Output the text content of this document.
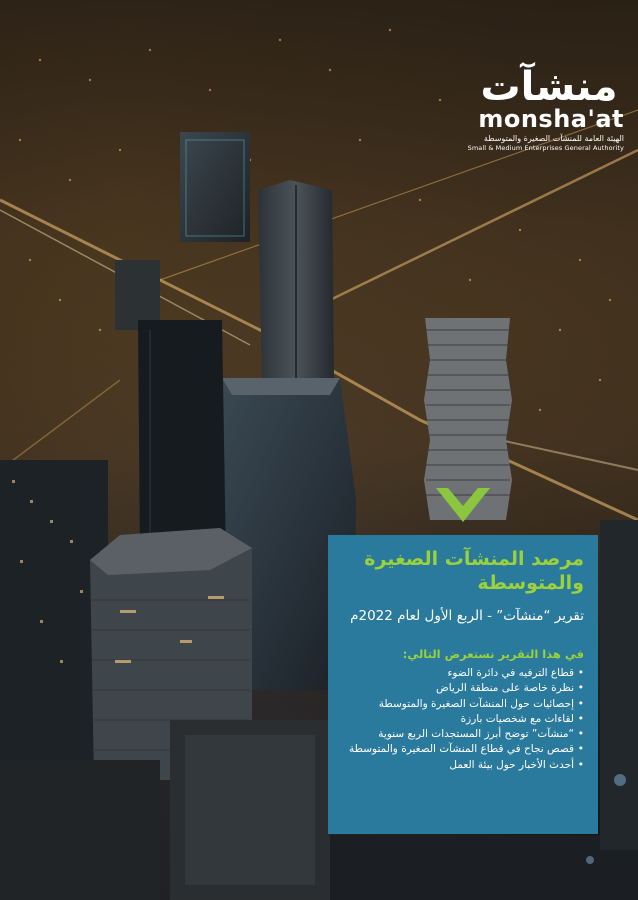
منشآت
monsha'at
الهيئة العامة للمنشآت الصغيرة والمتوسطة
Small & Medium Enterprises General Authority
مرصد المنشآت الصغيرة والمتوسطة
تقرير “منشآت” - الربع الأول لعام 2022م
في هذا التقرير نستعرض التالي:
• قطاع الترفيه في دائرة الضوء
• نظرة خاصة على منطقة الرياض
• إحصائيات حول المنشآت الصغيرة والمتوسطة
• لقاءات مع شخصيات بارزة
• “منشآت” توضح أبرز المستجدات الربع سنوية
• قصص نجاح في قطاع المنشآت الصغيرة والمتوسطة
• أحدث الأخبار حول بيئة العمل
